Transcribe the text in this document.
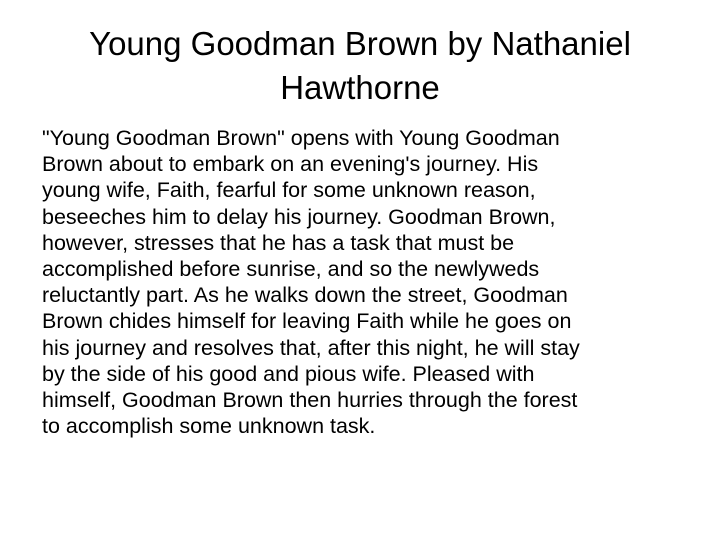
Young Goodman Brown by Nathaniel
Hawthorne

"Young Goodman Brown" opens with Young Goodman
Brown about to embark on an evening's journey. His
young wife, Faith, fearful for some unknown reason,
beseeches him to delay his journey. Goodman Brown,
however, stresses that he has a task that must be
accomplished before sunrise, and so the newlyweds
reluctantly part. As he walks down the street, Goodman
Brown chides himself for leaving Faith while he goes on
his journey and resolves that, after this night, he will stay
by the side of his good and pious wife. Pleased with
himself, Goodman Brown then hurries through the forest
to accomplish some unknown task.
